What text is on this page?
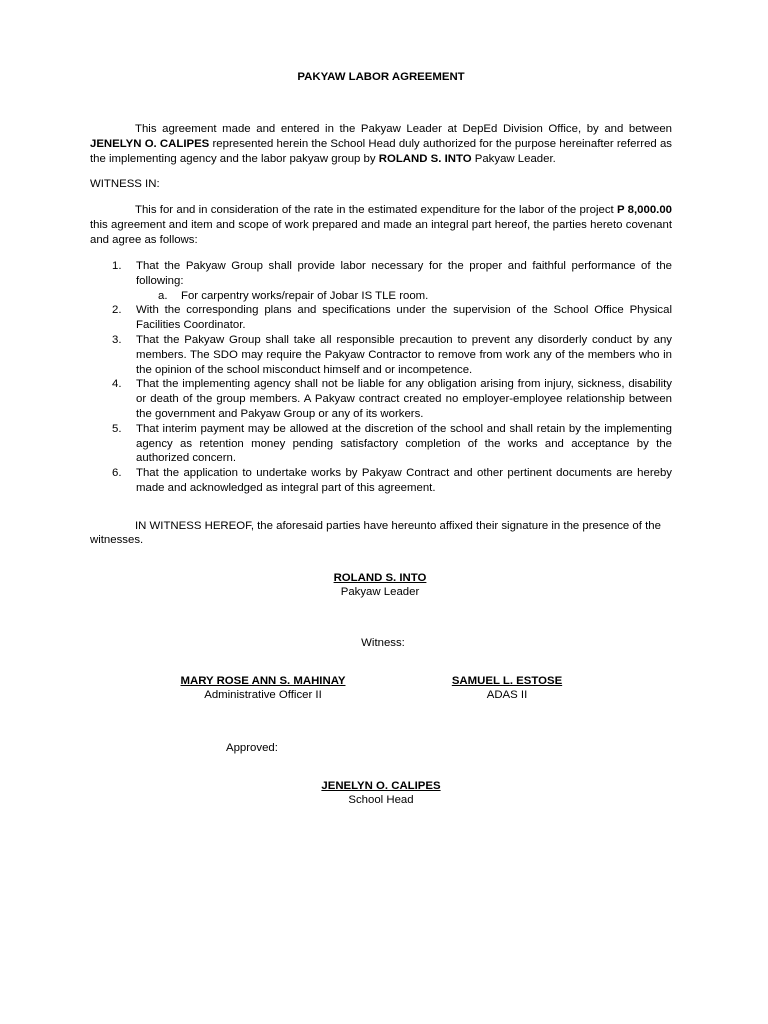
PAKYAW LABOR AGREEMENT
This agreement made and entered in the Pakyaw Leader at DepEd Division Office, by and between JENELYN O. CALIPES represented herein the School Head duly authorized for the purpose hereinafter referred as the implementing agency and the labor pakyaw group by ROLAND S. INTO Pakyaw Leader.
WITNESS IN:
This for and in consideration of the rate in the estimated expenditure for the labor of the project P 8,000.00 this agreement and item and scope of work prepared and made an integral part hereof, the parties hereto covenant and agree as follows:
1. That the Pakyaw Group shall provide labor necessary for the proper and faithful performance of the following:
a. For carpentry works/repair of Jobar IS TLE room.
2. With the corresponding plans and specifications under the supervision of the School Office Physical Facilities Coordinator.
3. That the Pakyaw Group shall take all responsible precaution to prevent any disorderly conduct by any members. The SDO may require the Pakyaw Contractor to remove from work any of the members who in the opinion of the school misconduct himself and or incompetence.
4. That the implementing agency shall not be liable for any obligation arising from injury, sickness, disability or death of the group members. A Pakyaw contract created no employer-employee relationship between the government and Pakyaw Group or any of its workers.
5. That interim payment may be allowed at the discretion of the school and shall retain by the implementing agency as retention money pending satisfactory completion of the works and acceptance by the authorized concern.
6. That the application to undertake works by Pakyaw Contract and other pertinent documents are hereby made and acknowledged as integral part of this agreement.
IN WITNESS HEREOF, the aforesaid parties have hereunto affixed their signature in the presence of the witnesses.
ROLAND S. INTO
Pakyaw Leader
Witness:
MARY ROSE ANN S. MAHINAY
Administrative Officer II
SAMUEL L. ESTOSE
ADAS II
Approved:
JENELYN O. CALIPES
School Head
